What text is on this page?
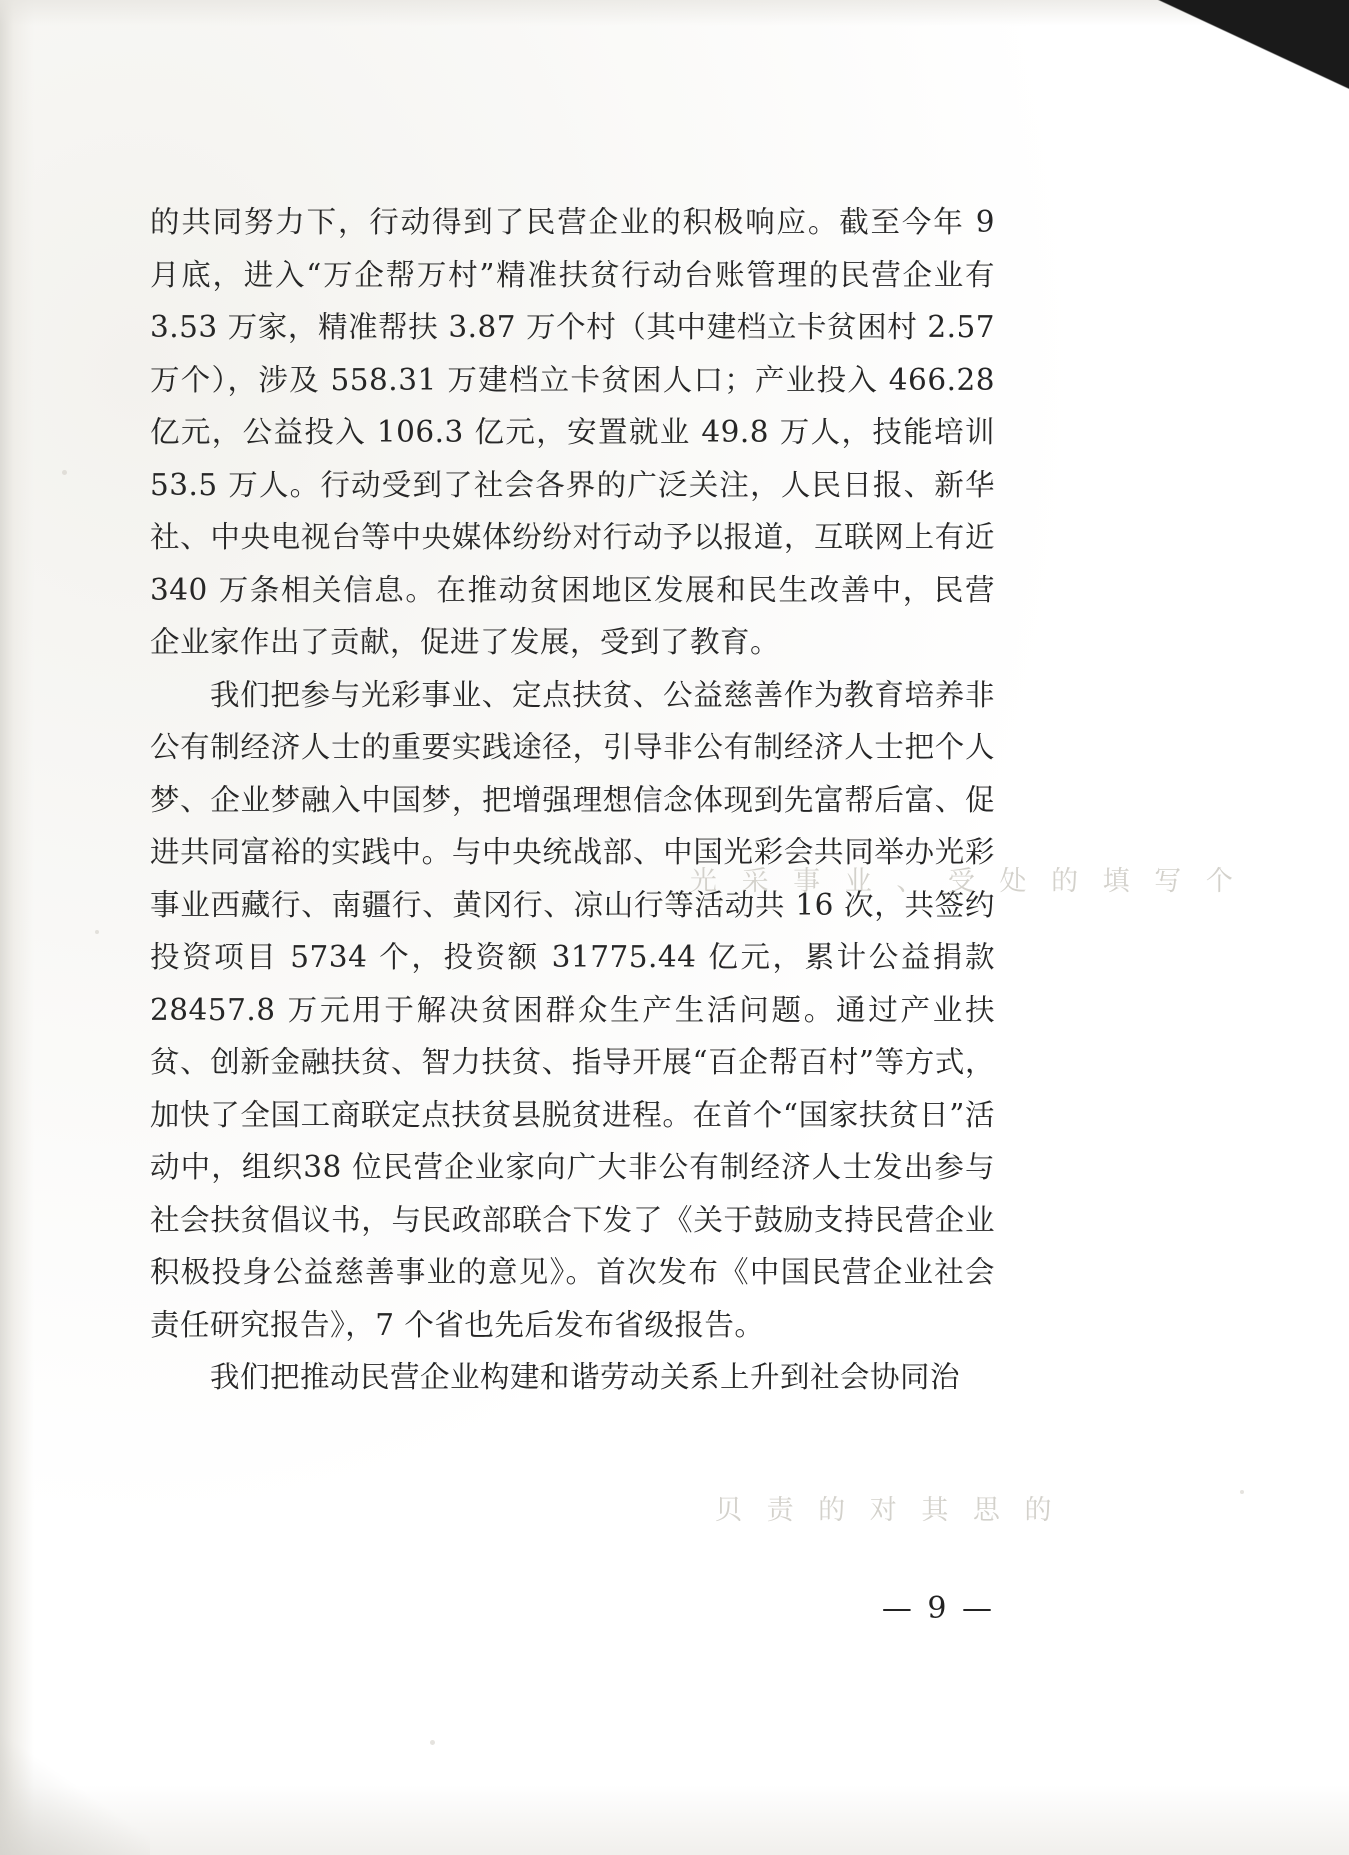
光 采 事 业 、 受 处 的 填 写 个
贝 责 的 对 其 思 的

的共同努力下，行动得到了民营企业的积极响应。截至今年 9 月底，进入“万企帮万村”精准扶贫行动台账管理的民营企业有 3.53 万家，精准帮扶 3.87 万个村（其中建档立卡贫困村 2.57 万个），涉及 558.31 万建档立卡贫困人口；产业投入 466.28 亿元，公益投入 106.3 亿元，安置就业 49.8 万人，技能培训 53.5 万人。行动受到了社会各界的广泛关注，人民日报、新华社、中央电视台等中央媒体纷纷对行动予以报道，互联网上有近 340 万条相关信息。在推动贫困地区发展和民生改善中，民营企业家作出了贡献，促进了发展，受到了教育。

我们把参与光彩事业、定点扶贫、公益慈善作为教育培养非公有制经济人士的重要实践途径，引导非公有制经济人士把个人梦、企业梦融入中国梦，把增强理想信念体现到先富帮后富、促进共同富裕的实践中。与中央统战部、中国光彩会共同举办光彩事业西藏行、南疆行、黄冈行、凉山行等活动共 16 次，共签约投资项目 5734 个，投资额 31775.44 亿元，累计公益捐款 28457.8 万元用于解决贫困群众生产生活问题。通过产业扶贫、创新金融扶贫、智力扶贫、指导开展“百企帮百村”等方式，加快了全国工商联定点扶贫县脱贫进程。在首个“国家扶贫日”活动中，组织38 位民营企业家向广大非公有制经济人士发出参与社会扶贫倡议书，与民政部联合下发了《关于鼓励支持民营企业积极投身公益慈善事业的意见》。首次发布《中国民营企业社会责任研究报告》，7 个省也先后发布省级报告。

我们把推动民营企业构建和谐劳动关系上升到社会协同治

— 9 —
